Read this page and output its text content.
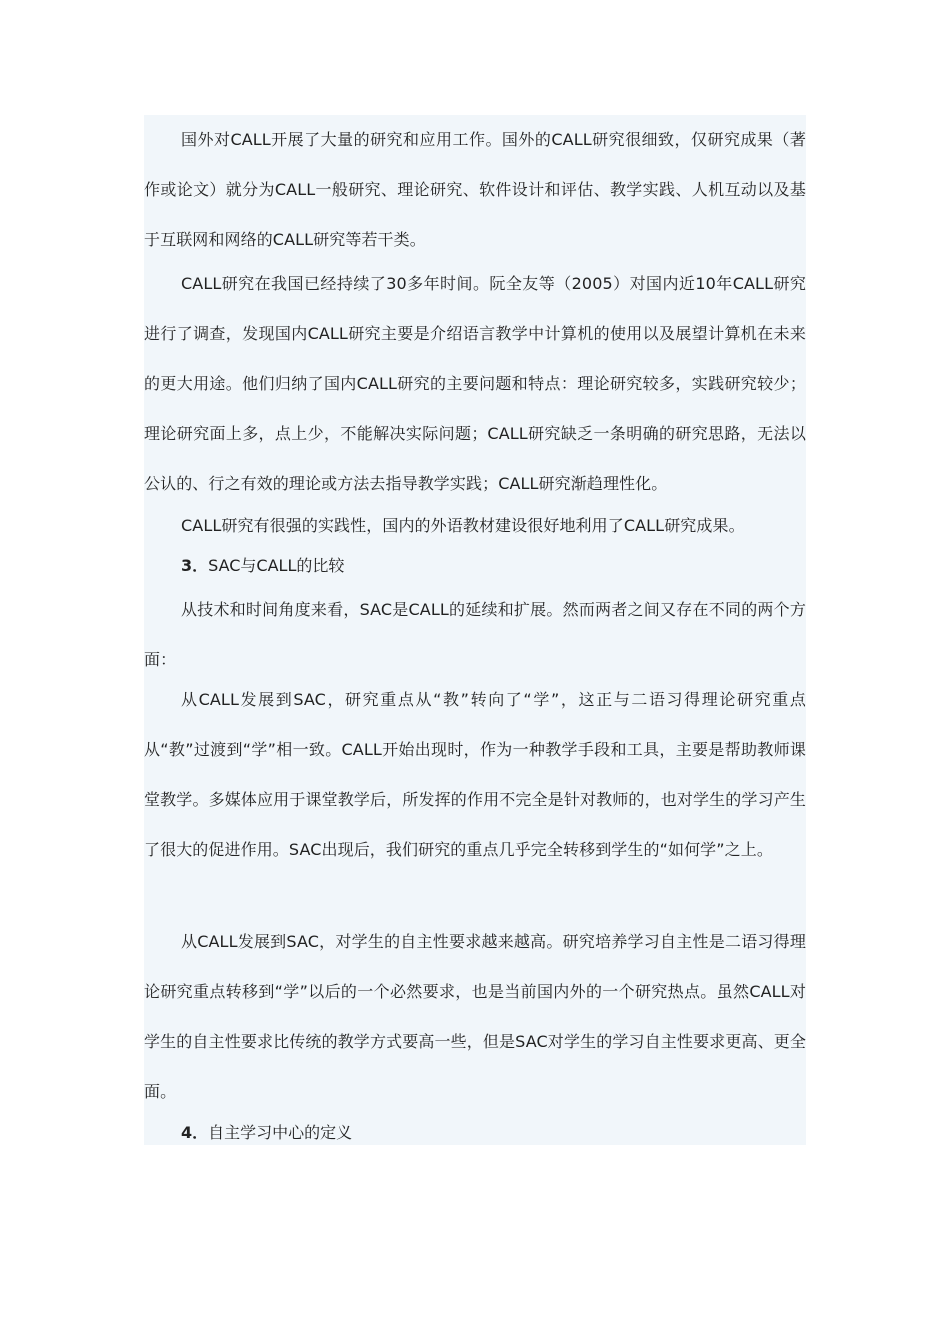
国外对CALL开展了大量的研究和应用工作。国外的CALL研究很细致，仅研究成果（著作或论文）就分为CALL一般研究、理论研究、软件设计和评估、教学实践、人机互动以及基于互联网和网络的CALL研究等若干类。

CALL研究在我国已经持续了30多年时间。阮全友等（2005）对国内近10年CALL研究进行了调查，发现国内CALL研究主要是介绍语言教学中计算机的使用以及展望计算机在未来的更大用途。他们归纳了国内CALL研究的主要问题和特点：理论研究较多，实践研究较少；理论研究面上多，点上少，不能解决实际问题；CALL研究缺乏一条明确的研究思路，无法以公认的、行之有效的理论或方法去指导教学实践；CALL研究渐趋理性化。

CALL研究有很强的实践性，国内的外语教材建设很好地利用了CALL研究成果。

3．SAC与CALL的比较

从技术和时间角度来看，SAC是CALL的延续和扩展。然而两者之间又存在不同的两个方面：

从CALL发展到SAC，研究重点从“教”转向了“学”，这正与二语习得理论研究重点从“教”过渡到“学”相一致。CALL开始出现时，作为一种教学手段和工具，主要是帮助教师课堂教学。多媒体应用于课堂教学后，所发挥的作用不完全是针对教师的，也对学生的学习产生了很大的促进作用。SAC出现后，我们研究的重点几乎完全转移到学生的“如何学”之上。

从CALL发展到SAC，对学生的自主性要求越来越高。研究培养学习自主性是二语习得理论研究重点转移到“学”以后的一个必然要求，也是当前国内外的一个研究热点。虽然CALL对学生的自主性要求比传统的教学方式要高一些，但是SAC对学生的学习自主性要求更高、更全面。

4．自主学习中心的定义
